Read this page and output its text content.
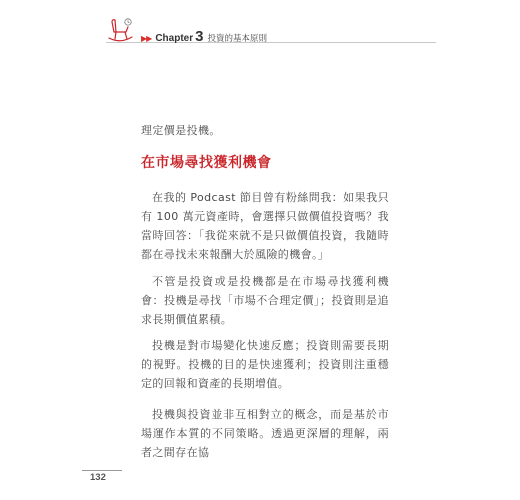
▶▶ Chapter 3 投資的基本原則

理定價是投機。

在市場尋找獲利機會

在我的 Podcast 節目曾有粉絲問我：如果我只有 100 萬元資產時，會選擇只做價值投資嗎？我當時回答：「我從來就不是只做價值投資，我隨時都在尋找未來報酬大於風險的機會。」

不管是投資或是投機都是在市場尋找獲利機會：投機是尋找「市場不合理定價」；投資則是追求長期價值累積。

投機是對市場變化快速反應；投資則需要長期的視野。投機的目的是快速獲利；投資則注重穩定的回報和資產的長期增值。

投機與投資並非互相對立的概念，而是基於市場運作本質的不同策略。透過更深層的理解，兩者之間存在協

132
